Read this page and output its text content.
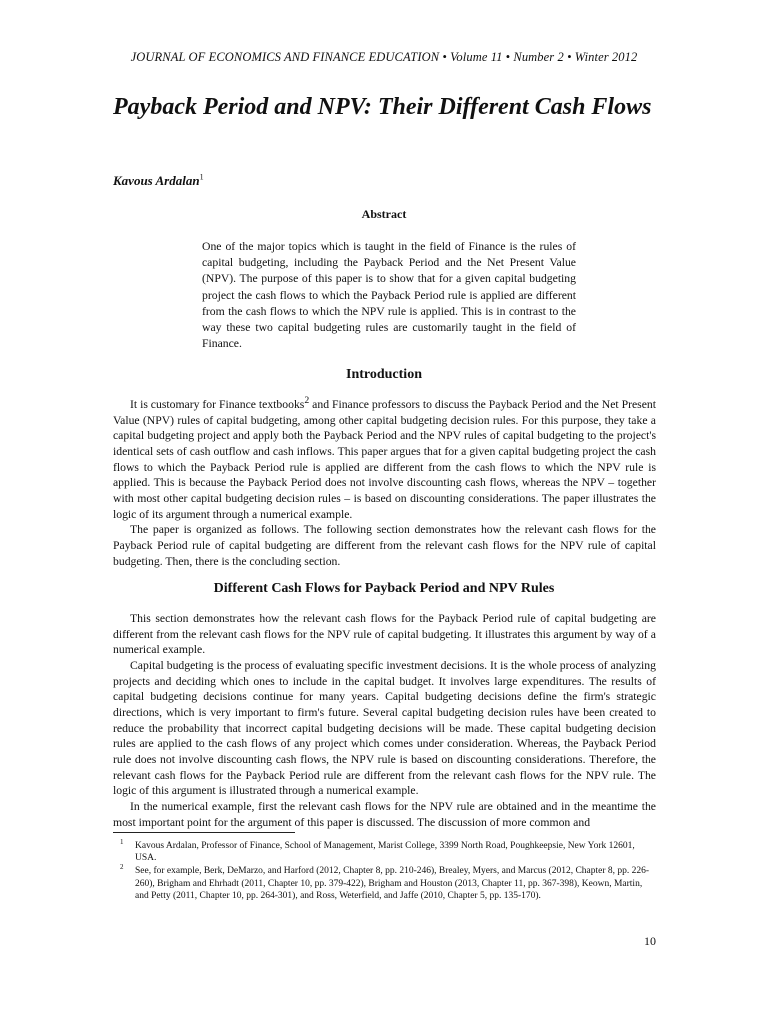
JOURNAL OF ECONOMICS AND FINANCE EDUCATION • Volume 11 • Number 2 • Winter 2012
Payback Period and NPV: Their Different Cash Flows
Kavous Ardalan$^1$
Abstract

One of the major topics which is taught in the field of Finance is the rules of capital budgeting, including the Payback Period and the Net Present Value (NPV). The purpose of this paper is to show that for a given capital budgeting project the cash flows to which the Payback Period rule is applied are different from the cash flows to which the NPV rule is applied. This is in contrast to the way these two capital budgeting rules are customarily taught in the field of Finance.

Introduction

It is customary for Finance textbooks$^2$ and Finance professors to discuss the Payback Period and the Net Present Value (NPV) rules of capital budgeting, among other capital budgeting decision rules. For this purpose, they take a capital budgeting project and apply both the Payback Period and the NPV rules of capital budgeting to the project's identical sets of cash outflow and cash inflows. This paper argues that for a given capital budgeting project the cash flows to which the Payback Period rule is applied are different from the cash flows to which the NPV rule is applied. This is because the Payback Period does not involve discounting cash flows, whereas the NPV – together with most other capital budgeting decision rules – is based on discounting considerations. The paper illustrates the logic of its argument through a numerical example.

The paper is organized as follows. The following section demonstrates how the relevant cash flows for the Payback Period rule of capital budgeting are different from the relevant cash flows for the NPV rule of capital budgeting. Then, there is the concluding section.

Different Cash Flows for Payback Period and NPV Rules

This section demonstrates how the relevant cash flows for the Payback Period rule of capital budgeting are different from the relevant cash flows for the NPV rule of capital budgeting. It illustrates this argument by way of a numerical example.

Capital budgeting is the process of evaluating specific investment decisions. It is the whole process of analyzing projects and deciding which ones to include in the capital budget. It involves large expenditures. The results of capital budgeting decisions continue for many years. Capital budgeting decisions define the firm's strategic directions, which is very important to firm's future. Several capital budgeting decision rules have been created to reduce the probability that incorrect capital budgeting decisions will be made. These capital budgeting decision rules are applied to the cash flows of any project which comes under consideration. Whereas, the Payback Period rule does not involve discounting cash flows, the NPV rule is based on discounting considerations. Therefore, the relevant cash flows for the Payback Period rule are different from the relevant cash flows for the NPV rule. The logic of this argument is illustrated through a numerical example.

In the numerical example, first the relevant cash flows for the NPV rule are obtained and in the meantime the most important point for the argument of this paper is discussed. The discussion of more common and

$^1$ Kavous Ardalan, Professor of Finance, School of Management, Marist College, 3399 North Road, Poughkeepsie, New York 12601, USA.

$^2$ See, for example, Berk, DeMarzo, and Harford (2012, Chapter 8, pp. 210-246), Brealey, Myers, and Marcus (2012, Chapter 8, pp. 226-260), Brigham and Ehrhadt (2011, Chapter 10, pp. 379-422), Brigham and Houston (2013, Chapter 11, pp. 367-398), Keown, Martin, and Petty (2011, Chapter 10, pp. 264-301), and Ross, Weterfield, and Jaffe (2010, Chapter 5, pp. 135-170).

10
